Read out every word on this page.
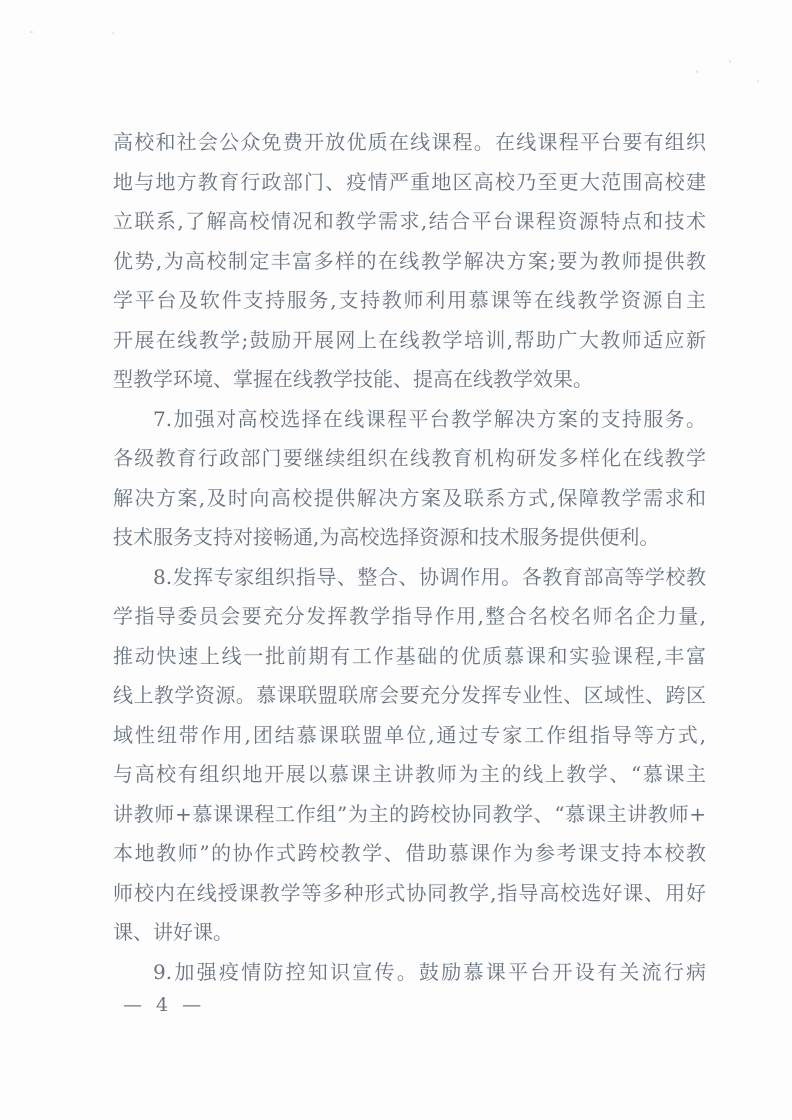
高校和社会公众免费开放优质在线课程。在线课程平台要有组织
地与地方教育行政部门、疫情严重地区高校乃至更大范围高校建
立联系,了解高校情况和教学需求,结合平台课程资源特点和技术
优势,为高校制定丰富多样的在线教学解决方案;要为教师提供教
学平台及软件支持服务,支持教师利用慕课等在线教学资源自主
开展在线教学;鼓励开展网上在线教学培训,帮助广大教师适应新
型教学环境、掌握在线教学技能、提高在线教学效果。
7.加强对高校选择在线课程平台教学解决方案的支持服务。
各级教育行政部门要继续组织在线教育机构研发多样化在线教学
解决方案,及时向高校提供解决方案及联系方式,保障教学需求和
技术服务支持对接畅通,为高校选择资源和技术服务提供便利。
8.发挥专家组织指导、整合、协调作用。各教育部高等学校教
学指导委员会要充分发挥教学指导作用,整合名校名师名企力量,
推动快速上线一批前期有工作基础的优质慕课和实验课程,丰富
线上教学资源。慕课联盟联席会要充分发挥专业性、区域性、跨区
域性纽带作用,团结慕课联盟单位,通过专家工作组指导等方式,
与高校有组织地开展以慕课主讲教师为主的线上教学、“慕课主
讲教师+慕课课程工作组”为主的跨校协同教学、“慕课主讲教师+
本地教师”的协作式跨校教学、借助慕课作为参考课支持本校教
师校内在线授课教学等多种形式协同教学,指导高校选好课、用好
课、讲好课。
9.加强疫情防控知识宣传。鼓励慕课平台开设有关流行病
— 4 —
